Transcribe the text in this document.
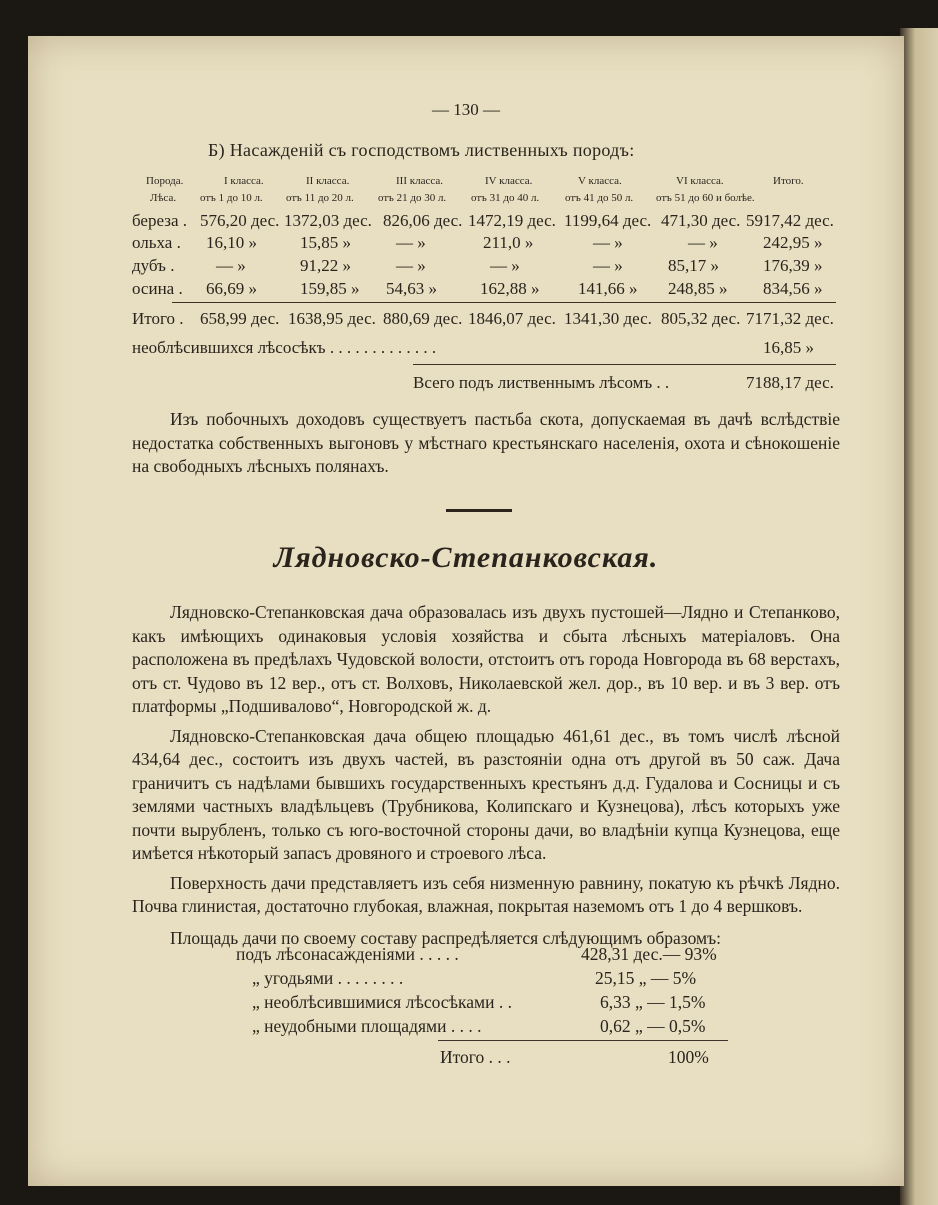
— 130 —
Б) Насажденій съ господствомъ лиственныхъ породъ:
Порода.	I класса.	II класса.	III класса.	IV класса.	V класса.	VI класса.	Итого.
Лѣса. отъ 1 до 10 л. отъ 11 до 20 л. отъ 21 до 30 л. отъ 31 до 40 л. отъ 41 до 50 л. отъ 51 до 60 и болѣе.
береза . 576,20 дес. 1372,03 дес. 826,06 дес. 1472,19 дес. 1199,64 дес. 471,30 дес. 5917,42 дес.
ольха . 16,10 »	15,85 »	— »	211,0 »	— »	— »	242,95 »
дубъ . — »	91,22 »	— »	— »	— »	85,17 »	176,39 »
осина . 66,69 »	159,85 » 54,63 »	162,88 » 141,66 » 248,85 » 834,56 »
Итого . 658,99 дес. 1638,95 дес. 880,69 дес. 1846,07 дес. 1341,30 дес. 805,32 дес. 7171,32 дес.
необлѣсившихся лѣсосѣкъ . . . . . . . . . . . . .	16,85 »
Всего подъ лиственнымъ лѣсомъ . .	7188,17 дес.

Изъ побочныхъ доходовъ существуетъ пастьба скота, допускаемая въ дачѣ вслѣдствіе недостатка собственныхъ выгоновъ у мѣстнаго крестьянскаго населенія, охота и сѣнокошеніе на свободныхъ лѣсныхъ полянахъ.

Лядновско-Степанковская.

Лядновско-Степанковская дача образовалась изъ двухъ пустошей—Лядно и Степанково, какъ имѣющихъ одинаковыя условія хозяйства и сбыта лѣсныхъ матеріаловъ. Она расположена въ предѣлахъ Чудовской волости, отстоитъ отъ города Новгорода въ 68 верстахъ, отъ ст. Чудово въ 12 вер., отъ ст. Волховъ, Николаевской жел. дор., въ 10 вер. и въ 3 вер. отъ платформы „Подшивалово“, Новгородской ж. д.

Лядновско-Степанковская дача общею площадью 461,61 дес., въ томъ числѣ лѣсной 434,64 дес., состоитъ изъ двухъ частей, въ разстояніи одна отъ другой въ 50 саж. Дача граничитъ съ надѣлами бывшихъ государственныхъ крестьянъ д.д. Гудалова и Сосницы и съ землями частныхъ владѣльцевъ (Трубникова, Колипскаго и Кузнецова), лѣсъ которыхъ уже почти вырубленъ, только съ юго-восточной стороны дачи, во владѣніи купца Кузнецова, еще имѣется нѣкоторый запасъ дровяного и строевого лѣса.

Поверхность дачи представляетъ изъ себя низменную равнину, покатую къ рѣчкѣ Лядно. Почва глинистая, достаточно глубокая, влажная, покрытая наземомъ отъ 1 до 4 вершковъ.

Площадь дачи по своему составу распредѣляется слѣдующимъ образомъ:

подъ лѣсонасажденіями . . . . .	428,31 дес.— 93%
„ угодьями . . . . . . . .	25,15 „ — 5%
„ необлѣсившимися лѣсосѣками . .	6,33 „ — 1,5%
„ неудобными площадями . . . .	0,62 „ — 0,5%
Итого . . .	100%
